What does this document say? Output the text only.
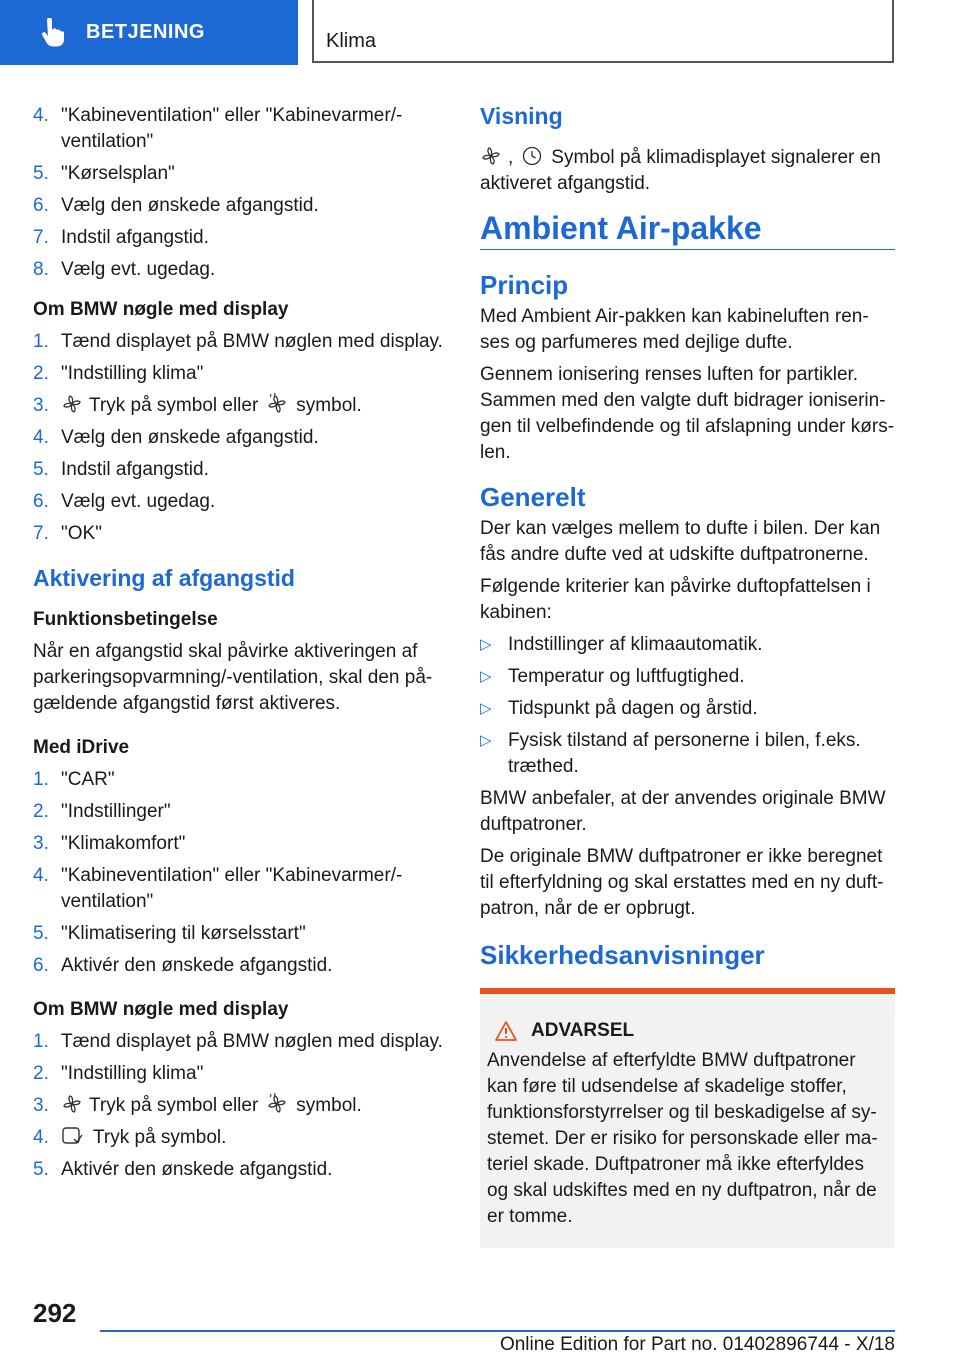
BETJENING	Klima
4. "Kabineventilation" eller "Kabinevarmer/-ventilation"
5. "Kørselsplan"
6. Vælg den ønskede afgangstid.
7. Indstil afgangstid.
8. Vælg evt. ugedag.
Om BMW nøgle med display
1. Tænd displayet på BMW nøglen med display.
2. "Indstilling klima"
3. Tryk på symbol eller symbol.
4. Vælg den ønskede afgangstid.
5. Indstil afgangstid.
6. Vælg evt. ugedag.
7. "OK"
Aktivering af afgangstid
Funktionsbetingelse

Når en afgangstid skal påvirke aktiveringen af parkeringsopvarmning/-ventilation, skal den på-gældende afgangstid først aktiveres.

Med iDrive
1. "CAR"
2. "Indstillinger"
3. "Klimakomfort"
4. "Kabineventilation" eller "Kabinevarmer/-ventilation"
5. "Klimatisering til kørselsstart"
6. Aktivér den ønskede afgangstid.
Om BMW nøgle med display
1. Tænd displayet på BMW nøglen med display.
2. "Indstilling klima"
3. Tryk på symbol eller symbol.
4. Tryk på symbol.
5. Aktivér den ønskede afgangstid.
Visning

, Symbol på klimadisplayet signalerer en aktiveret afgangstid.

Ambient Air-pakke
Princip

Med Ambient Air-pakken kan kabineluften ren-ses og parfumeres med dejlige dufte.

Gennem ionisering renses luften for partikler. Sammen med den valgte duft bidrager ioniserin-gen til velbefindende og til afslapning under kørs-len.

Generelt

Der kan vælges mellem to dufte i bilen. Der kan fås andre dufte ved at udskifte duftpatronerne.

Følgende kriterier kan påvirke duftopfattelsen i kabinen:

▷ Indstillinger af klimaautomatik.
▷ Temperatur og luftfugtighed.
▷ Tidspunkt på dagen og årstid.
▷ Fysisk tilstand af personerne i bilen, f.eks. træthed.

BMW anbefaler, at der anvendes originale BMW duftpatroner.

De originale BMW duftpatroner er ikke beregnet til efterfyldning og skal erstattes med en ny duft-patron, når de er opbrugt.

Sikkerhedsanvisninger
ADVARSEL

Anvendelse af efterfyldte BMW duftpatroner kan føre til udsendelse af skadelige stoffer, funktionsforstyrrelser og til beskadigelse af sy-stemet. Der er risiko for personskade eller ma-teriel skade. Duftpatroner må ikke efterfyldes og skal udskiftes med en ny duftpatron, når de er tomme.

292
Online Edition for Part no. 01402896744 - X/18
